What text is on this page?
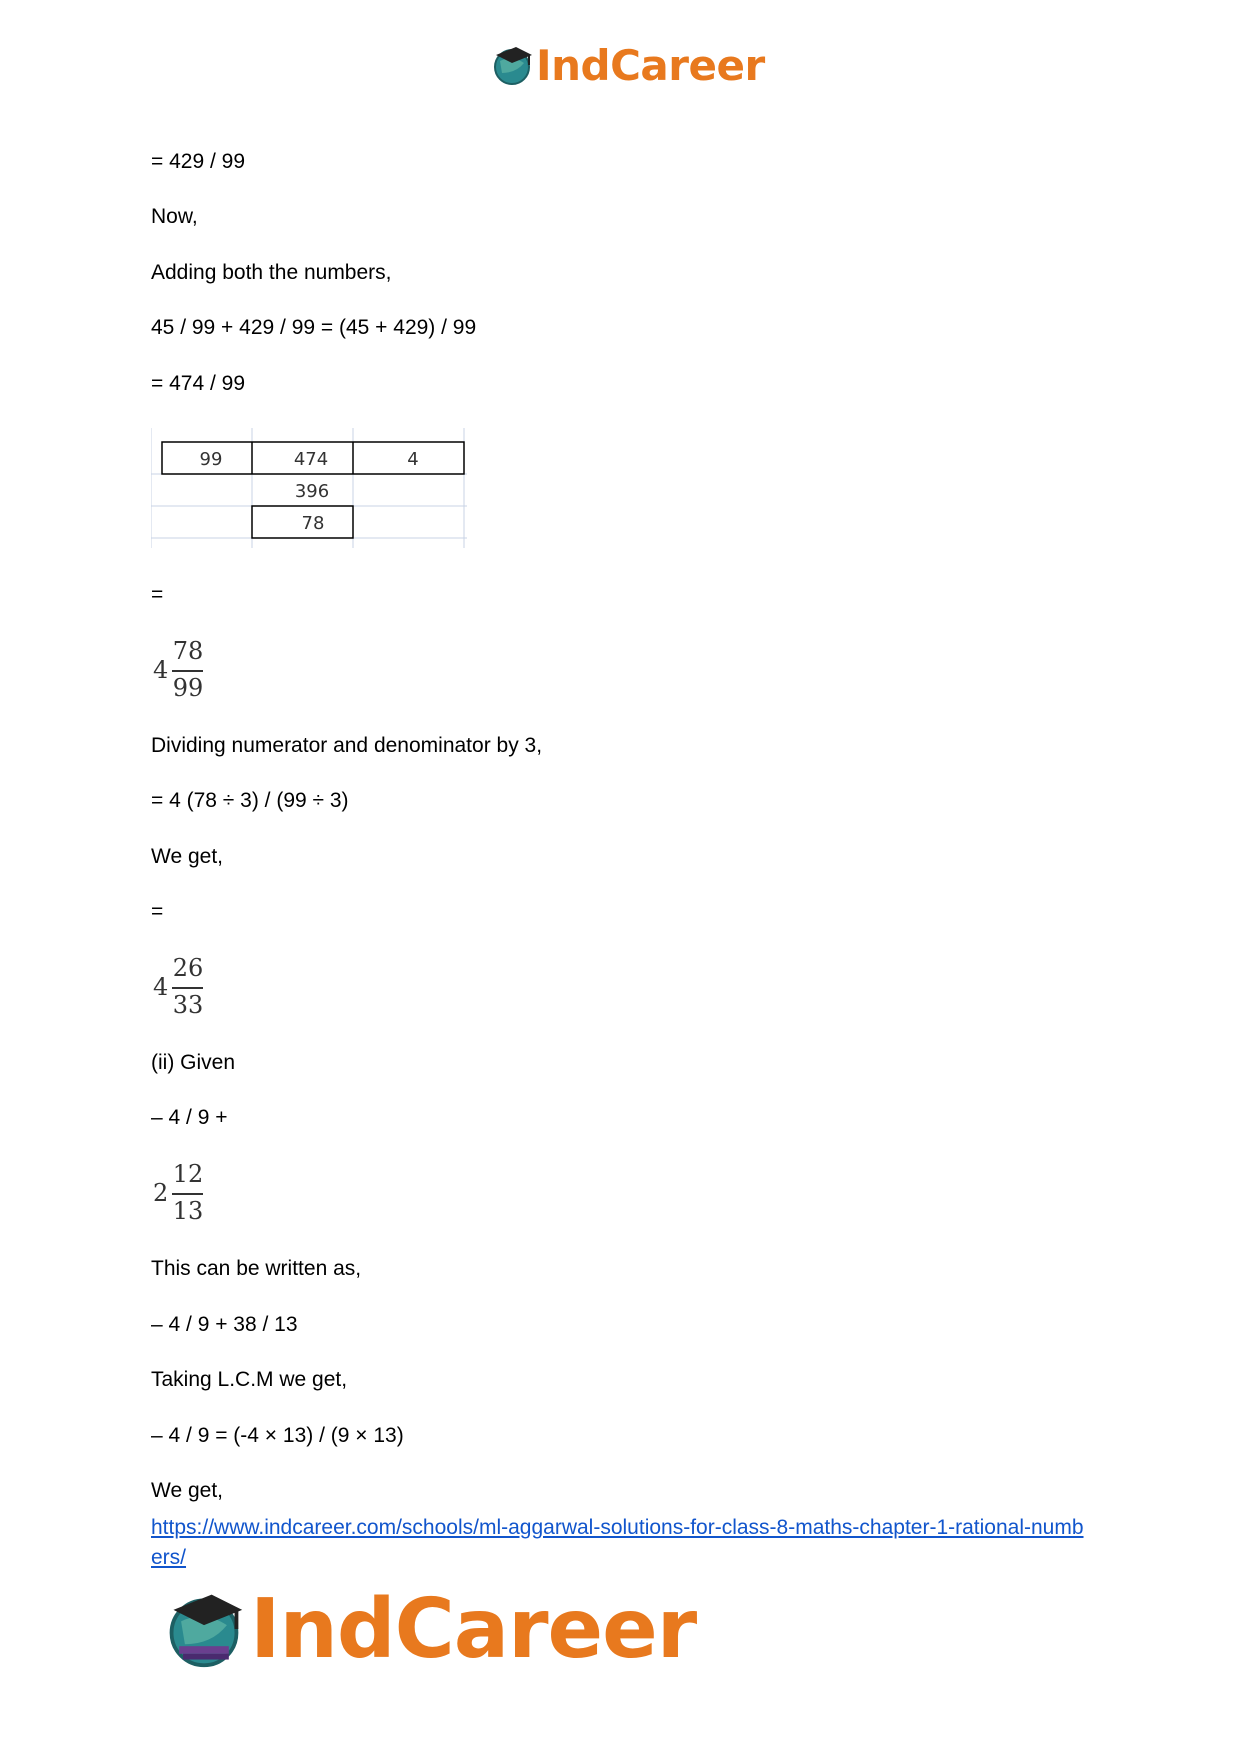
IndCareer
= 429 / 99
Now,
Adding both the numbers,
45 / 99 + 429 / 99 = (45 + 429) / 99
= 474 / 99
99	474	4
396
78
=
4
78
99
Dividing numerator and denominator by 3,
= 4 (78 ÷ 3) / (99 ÷ 3)
We get,
=
4
26
33
(ii) Given
– 4 / 9 +
2
12
13
This can be written as,
– 4 / 9 + 38 / 13
Taking L.C.M we get,
– 4 / 9 = (-4 × 13) / (9 × 13)
We get,
https://www.indcareer.com/schools/ml-aggarwal-solutions-for-class-8-maths-chapter-1-rational-numbers/
IndCareer
